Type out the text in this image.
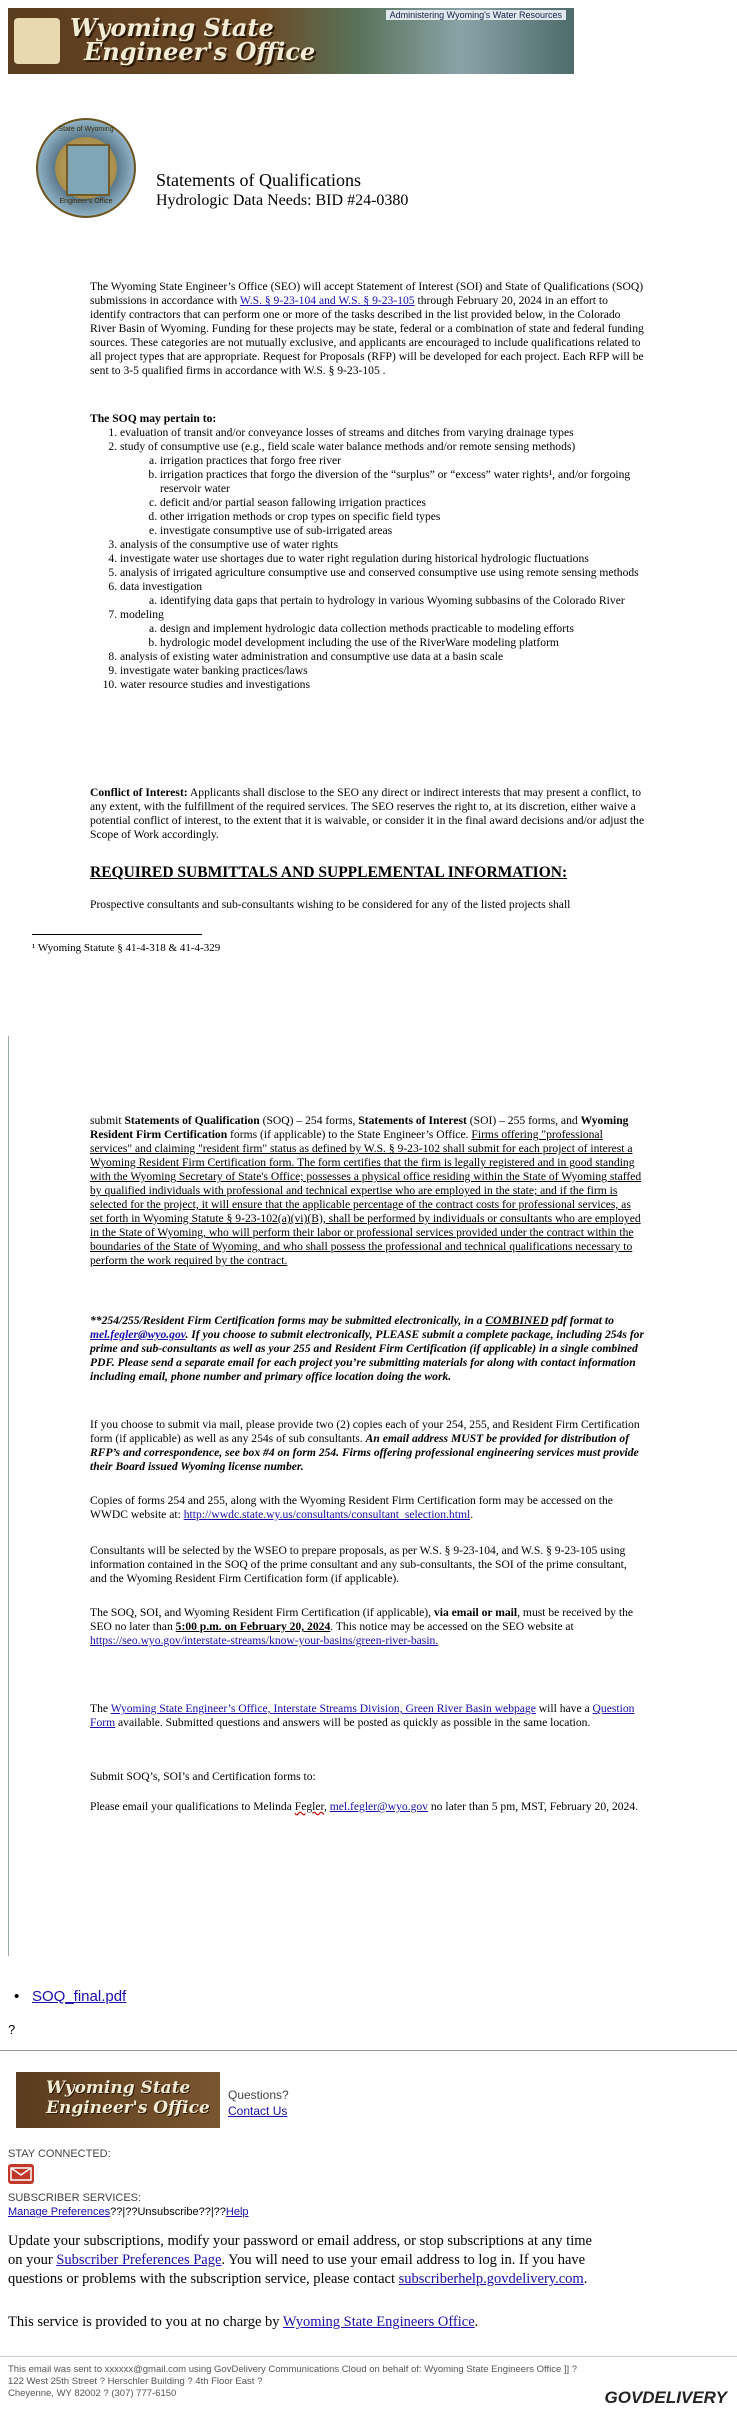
Wyoming State
Engineer's Office
Administering Wyoming's Water Resources
State of Wyoming
Engineer's Office
Statements of Qualifications
Hydrologic Data Needs: BID #24-0380
The Wyoming State Engineer’s Office (SEO) will accept Statement of Interest (SOI) and State of Qualifications (SOQ) submissions in accordance with W.S. § 9-23-104 and W.S. § 9-23-105 through February 20, 2024 in an effort to identify contractors that can perform one or more of the tasks described in the list provided below, in the Colorado River Basin of Wyoming. Funding for these projects may be state, federal or a combination of state and federal funding sources. These categories are not mutually exclusive, and applicants are encouraged to include qualifications related to all project types that are appropriate. Request for Proposals (RFP) will be developed for each project. Each RFP will be sent to 3-5 qualified firms in accordance with W.S. § 9-23-105 .
The SOQ may pertain to:
1. evaluation of transit and/or conveyance losses of streams and ditches from varying drainage types
2. study of consumptive use (e.g., field scale water balance methods and/or remote sensing methods)
a. irrigation practices that forgo free river
b. irrigation practices that forgo the diversion of the “surplus” or “excess” water rights¹, and/or forgoing reservoir water
c. deficit and/or partial season fallowing irrigation practices
d. other irrigation methods or crop types on specific field types
e. investigate consumptive use of sub-irrigated areas
3. analysis of the consumptive use of water rights
4. investigate water use shortages due to water right regulation during historical hydrologic fluctuations
5. analysis of irrigated agriculture consumptive use and conserved consumptive use using remote sensing methods
6. data investigation
a. identifying data gaps that pertain to hydrology in various Wyoming subbasins of the Colorado River
7. modeling
a. design and implement hydrologic data collection methods practicable to modeling efforts
b. hydrologic model development including the use of the RiverWare modeling platform
8. analysis of existing water administration and consumptive use data at a basin scale
9. investigate water banking practices/laws
10. water resource studies and investigations
Conflict of Interest: Applicants shall disclose to the SEO any direct or indirect interests that may present a conflict, to any extent, with the fulfillment of the required services. The SEO reserves the right to, at its discretion, either waive a potential conflict of interest, to the extent that it is waivable, or consider it in the final award decisions and/or adjust the Scope of Work accordingly.
REQUIRED SUBMITTALS AND SUPPLEMENTAL INFORMATION:
Prospective consultants and sub-consultants wishing to be considered for any of the listed projects shall
¹ Wyoming Statute § 41-4-318 & 41-4-329
submit Statements of Qualification (SOQ) – 254 forms, Statements of Interest (SOI) – 255 forms, and Wyoming Resident Firm Certification forms (if applicable) to the State Engineer’s Office. Firms offering "professional services" and claiming "resident firm" status as defined by W.S. § 9-23-102 shall submit for each project of interest a Wyoming Resident Firm Certification form. The form certifies that the firm is legally registered and in good standing with the Wyoming Secretary of State's Office; possesses a physical office residing within the State of Wyoming staffed by qualified individuals with professional and technical expertise who are employed in the state; and if the firm is selected for the project, it will ensure that the applicable percentage of the contract costs for professional services, as set forth in Wyoming Statute § 9-23-102(a)(vi)(B), shall be performed by individuals or consultants who are employed in the State of Wyoming, who will perform their labor or professional services provided under the contract within the boundaries of the State of Wyoming, and who shall possess the professional and technical qualifications necessary to perform the work required by the contract.
**254/255/Resident Firm Certification forms may be submitted electronically, in a COMBINED pdf format to mel.fegler@wyo.gov. If you choose to submit electronically, PLEASE submit a complete package, including 254s for prime and sub-consultants as well as your 255 and Resident Firm Certification (if applicable) in a single combined PDF. Please send a separate email for each project you’re submitting materials for along with contact information including email, phone number and primary office location doing the work.
If you choose to submit via mail, please provide two (2) copies each of your 254, 255, and Resident Firm Certification form (if applicable) as well as any 254s of sub consultants. An email address MUST be provided for distribution of RFP’s and correspondence, see box #4 on form 254. Firms offering professional engineering services must provide their Board issued Wyoming license number.
Copies of forms 254 and 255, along with the Wyoming Resident Firm Certification form may be accessed on the WWDC website at: http://wwdc.state.wy.us/consultants/consultant_selection.html.
Consultants will be selected by the WSEO to prepare proposals, as per W.S. § 9-23-104, and W.S. § 9-23-105 using information contained in the SOQ of the prime consultant and any sub-consultants, the SOI of the prime consultant, and the Wyoming Resident Firm Certification form (if applicable).
The SOQ, SOI, and Wyoming Resident Firm Certification (if applicable), via email or mail, must be received by the SEO no later than 5:00 p.m. on February 20, 2024. This notice may be accessed on the SEO website at https://seo.wyo.gov/interstate-streams/know-your-basins/green-river-basin.
The Wyoming State Engineer’s Office, Interstate Streams Division, Green River Basin webpage will have a Question Form available. Submitted questions and answers will be posted as quickly as possible in the same location.
Submit SOQ’s, SOI’s and Certification forms to:
Please email your qualifications to Melinda Fegler, mel.fegler@wyo.gov no later than 5 pm, MST, February 20, 2024.
• SOQ_final.pdf
?
Wyoming State
Engineer's Office
Questions?
Contact Us
STAY CONNECTED:
SUBSCRIBER SERVICES:
Manage Preferences??|??Unsubscribe??|??Help
Update your subscriptions, modify your password or email address, or stop subscriptions at any time on your Subscriber Preferences Page. You will need to use your email address to log in. If you have questions or problems with the subscription service, please contact subscriberhelp.govdelivery.com.
This service is provided to you at no charge by Wyoming State Engineers Office.
This email was sent to xxxxxx@gmail.com using GovDelivery Communications Cloud on behalf of: Wyoming State Engineers Office ]] ?
122 West 25th Street ? Herschler Building ? 4th Floor East ?
Cheyenne, WY 82002 ? (307) 777-6150	GOVDELIVERY
